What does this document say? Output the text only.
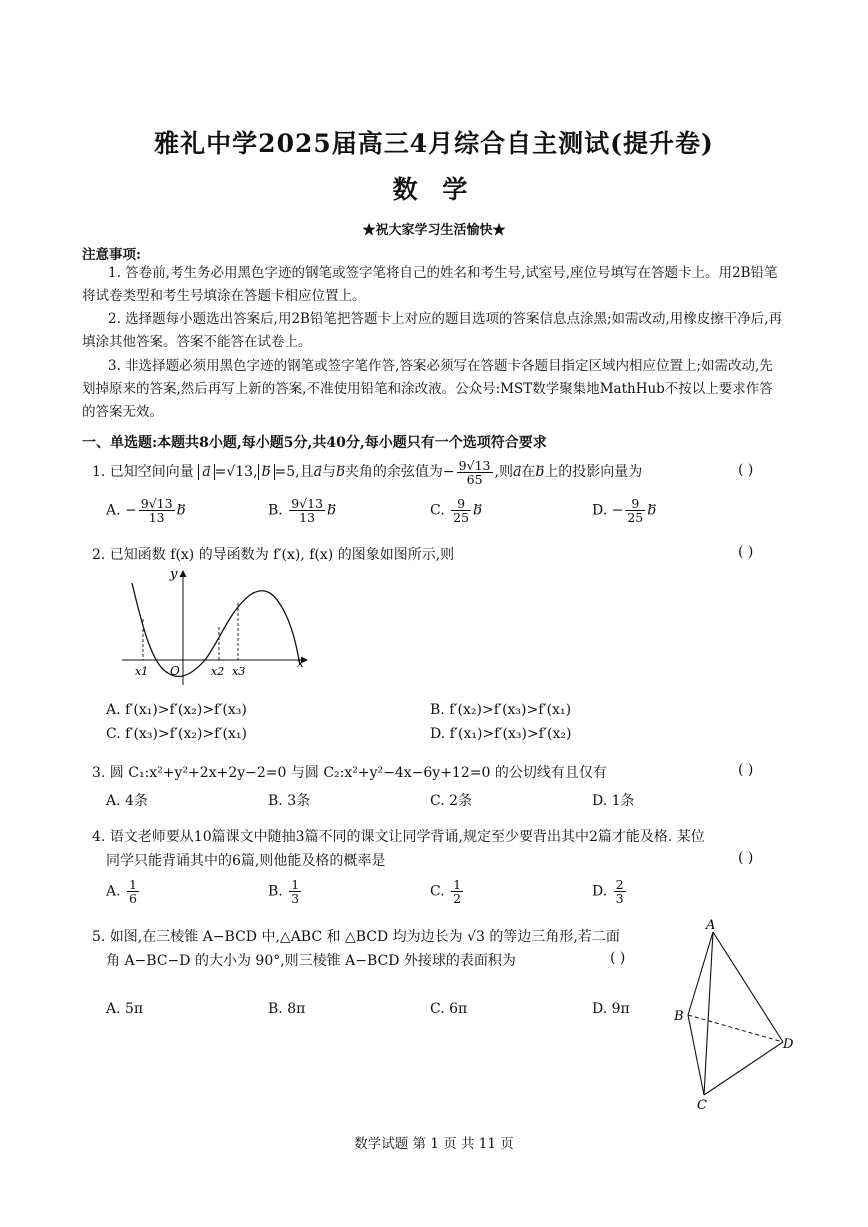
雅礼中学2025届高三4月综合自主测试(提升卷)
数 学
★祝大家学习生活愉快★
注意事项:
1. 答卷前,考生务必用黑色字迹的钢笔或签字笔将自己的姓名和考生号,试室号,座位号填写在答题卡上。用2B铅笔将试卷类型和考生号填涂在答题卡相应位置上。
2. 选择题每小题选出答案后,用2B铅笔把答题卡上对应的题目选项的答案信息点涂黑;如需改动,用橡皮擦干净后,再填涂其他答案。答案不能答在试卷上。
3. 非选择题必须用黑色字迹的钢笔或签字笔作答,答案必须写在答题卡各题目指定区域内相应位置上;如需改动,先划掉原来的答案,然后再写上新的答案,不准使用铅笔和涂改液。公众号:MST数学聚集地MathHub不按以上要求作答的答案无效。
一、单选题:本题共8小题,每小题5分,共40分,每小题只有一个选项符合要求
1. 已知空间向量 a =√13, b =5,且a与b夹角的余弦值为− $\frac{9√13}{65}$ ,则a在b上的投影向量为	( )
A. − $\frac{9√13}{13}$ b	B. $\frac{9√13}{13}$ b	C. $\frac{9}{25}$ b	D. − $\frac{9}{25}$ b
2. 已知函数 f(x) 的导函数为 f′(x), f(x) 的图象如图所示,则	( )
y
x
O
x1	x2 x3
A. f′(x₁)>f′(x₂)>f′(x₃)	B. f′(x₂)>f′(x₃)>f′(x₁)
C. f′(x₃)>f′(x₂)>f′(x₁)	D. f′(x₁)>f′(x₃)>f′(x₂)
3. 圆 C₁:x²+y²+2x+2y−2=0 与圆 C₂:x²+y²−4x−6y+12=0 的公切线有且仅有	( )
A. 4条	B. 3条	C. 2条	D. 1条
4. 语文老师要从10篇课文中随抽3篇不同的课文让同学背诵,规定至少要背出其中2篇才能及格. 某位
同学只能背诵其中的6篇,则他能及格的概率是	( )
A. $\frac{1}{6}$	B. $\frac{1}{3}$	C. $\frac{1}{2}$	D. $\frac{2}{3}$
5. 如图,在三棱锥 A−BCD 中,△ABC 和 △BCD 均为边长为 √3 的等边三角形,若二面
角 A−BC−D 的大小为 90°,则三棱锥 A−BCD 外接球的表面积为	( )
A. 5π	B. 8π	C. 6π	D. 9π
A
B
C
D
数学试题 第 1 页 共 11 页
